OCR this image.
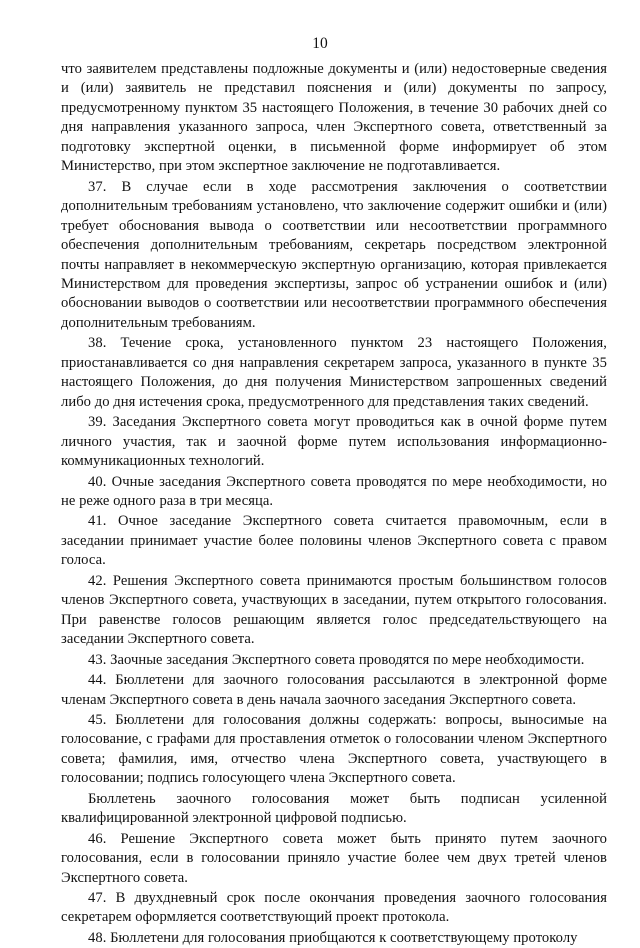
10

что заявителем представлены подложные документы и (или) недостоверные сведения и (или) заявитель не представил пояснения и (или) документы по запросу, предусмотренному пунктом 35 настоящего Положения, в течение 30 рабочих дней со дня направления указанного запроса, член Экспертного совета, ответственный за подготовку экспертной оценки, в письменной форме информирует об этом Министерство, при этом экспертное заключение не подготавливается.

37. В случае если в ходе рассмотрения заключения о соответствии дополнительным требованиям установлено, что заключение содержит ошибки и (или) требует обоснования вывода о соответствии или несоответствии программного обеспечения дополнительным требованиям, секретарь посредством электронной почты направляет в некоммерческую экспертную организацию, которая привлекается Министерством для проведения экспертизы, запрос об устранении ошибок и (или) обосновании выводов о соответствии или несоответствии программного обеспечения дополнительным требованиям.

38. Течение срока, установленного пунктом 23 настоящего Положения, приостанавливается со дня направления секретарем запроса, указанного в пункте 35 настоящего Положения, до дня получения Министерством запрошенных сведений либо до дня истечения срока, предусмотренного для представления таких сведений.

39. Заседания Экспертного совета могут проводиться как в очной форме путем личного участия, так и заочной форме путем использования информационно-коммуникационных технологий.

40. Очные заседания Экспертного совета проводятся по мере необходимости, но не реже одного раза в три месяца.

41. Очное заседание Экспертного совета считается правомочным, если в заседании принимает участие более половины членов Экспертного совета с правом голоса.

42. Решения Экспертного совета принимаются простым большинством голосов членов Экспертного совета, участвующих в заседании, путем открытого голосования. При равенстве голосов решающим является голос председательствующего на заседании Экспертного совета.

43. Заочные заседания Экспертного совета проводятся по мере необходимости.

44. Бюллетени для заочного голосования рассылаются в электронной форме членам Экспертного совета в день начала заочного заседания Экспертного совета.

45. Бюллетени для голосования должны содержать: вопросы, выносимые на голосование, с графами для проставления отметок о голосовании членом Экспертного совета; фамилия, имя, отчество члена Экспертного совета, участвующего в голосовании; подпись голосующего члена Экспертного совета.

Бюллетень заочного голосования может быть подписан усиленной квалифицированной электронной цифровой подписью.

46. Решение Экспертного совета может быть принято путем заочного голосования, если в голосовании приняло участие более чем двух третей членов Экспертного совета.

47. В двухдневный срок после окончания проведения заочного голосования секретарем оформляется соответствующий проект протокола.

48. Бюллетени для голосования приобщаются к соответствующему протоколу
